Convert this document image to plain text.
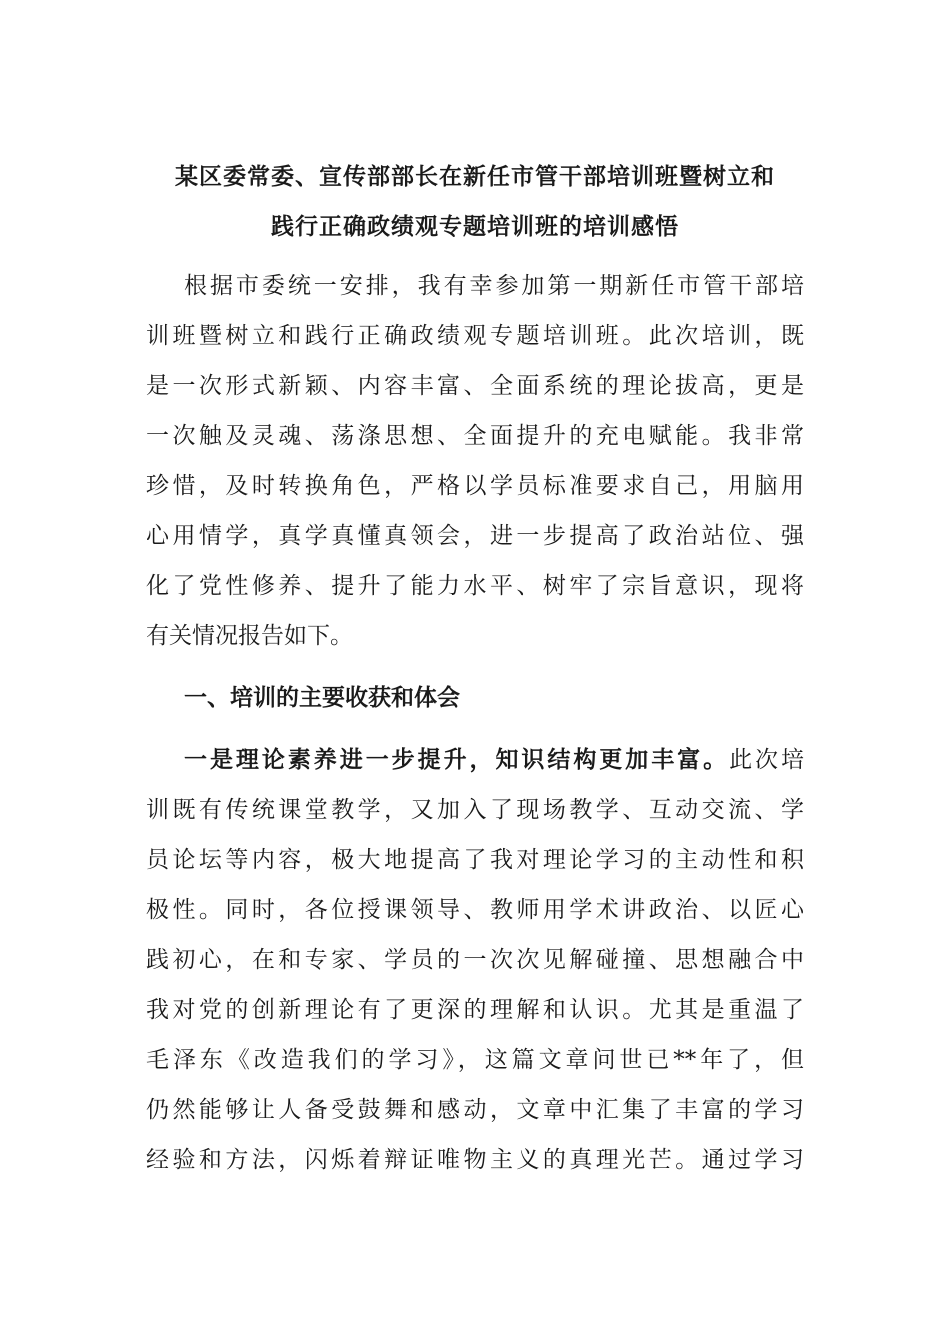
某区委常委、宣传部部长在新任市管干部培训班暨树立和
践行正确政绩观专题培训班的培训感悟
根据市委统一安排，我有幸参加第一期新任市管干部培
训班暨树立和践行正确政绩观专题培训班。此次培训，既
是一次形式新颖、内容丰富、全面系统的理论拔高，更是
一次触及灵魂、荡涤思想、全面提升的充电赋能。我非常
珍惜，及时转换角色，严格以学员标准要求自己，用脑用
心用情学，真学真懂真领会，进一步提高了政治站位、强
化了党性修养、提升了能力水平、树牢了宗旨意识，现将
有关情况报告如下。
一、培训的主要收获和体会
一是理论素养进一步提升，知识结构更加丰富。此次培
训既有传统课堂教学，又加入了现场教学、互动交流、学
员论坛等内容，极大地提高了我对理论学习的主动性和积
极性。同时，各位授课领导、教师用学术讲政治、以匠心
践初心，在和专家、学员的一次次见解碰撞、思想融合中
我对党的创新理论有了更深的理解和认识。尤其是重温了
毛泽东《改造我们的学习》，这篇文章问世已**年了，但
仍然能够让人备受鼓舞和感动，文章中汇集了丰富的学习
经验和方法，闪烁着辩证唯物主义的真理光芒。通过学习
